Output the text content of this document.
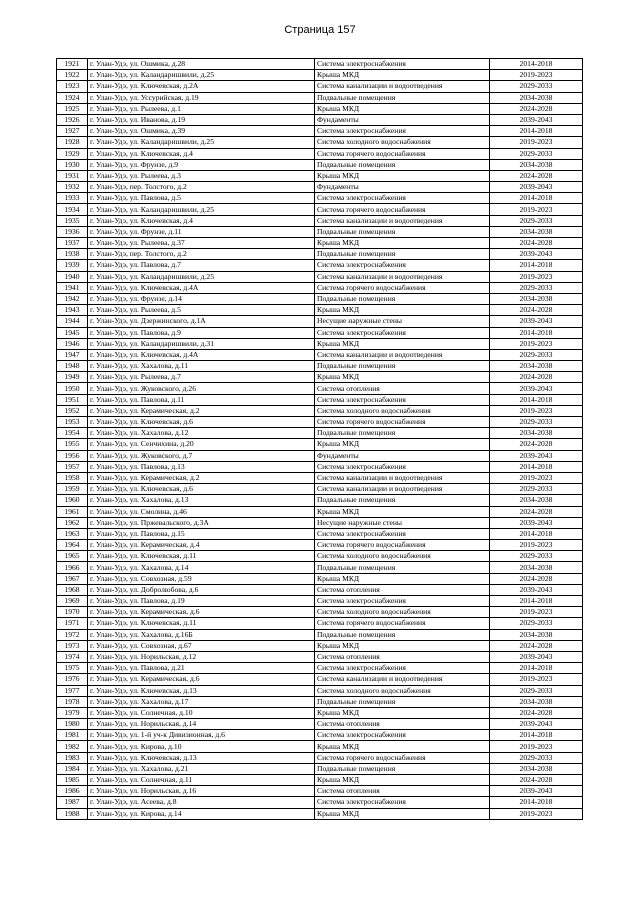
Страница 157
1921	г. Улан-Удэ, ул. Ошмика, д.28	Система электроснабжения	2014-2018
1922	г. Улан-Удэ, ул. Каландаришвили, д.25	Крыша МКД	2019-2023
1923	г. Улан-Удэ, ул. Ключевская, д.2А	Система канализации и водоотведения	2029-2033
1924	г. Улан-Удэ, ул. Уссурийская, д.19	Подвальные помещения	2034-2038
1925	г. Улан-Удэ, ул. Рылеева, д.1	Крыша МКД	2024-2028
1926	г. Улан-Удэ, ул. Иванова, д.19	Фундаменты	2039-2043
1927	г. Улан-Удэ, ул. Ошмика, д.39	Система электроснабжения	2014-2018
1928	г. Улан-Удэ, ул. Каландаришвили, д.25	Система холодного водоснабжения	2019-2023
1929	г. Улан-Удэ, ул. Ключевская, д.4	Система горячего водоснабжения	2029-2033
1930	г. Улан-Удэ, ул. Фрунзе, д.9	Подвальные помещения	2034-2038
1931	г. Улан-Удэ, ул. Рылеева, д.3	Крыша МКД	2024-2028
1932	г. Улан-Удэ, пер. Толстого, д.2	Фундаменты	2039-2043
1933	г. Улан-Удэ, ул. Павлова, д.5	Система электроснабжения	2014-2018
1934	г. Улан-Удэ, ул. Каландаришвили, д.25	Система горячего водоснабжения	2019-2023
1935	г. Улан-Удэ, ул. Ключевская, д.4	Система канализации и водоотведения	2029-2033
1936	г. Улан-Удэ, ул. Фрунзе, д.11	Подвальные помещения	2034-2038
1937	г. Улан-Удэ, ул. Рылеева, д.37	Крыша МКД	2024-2028
1938	г. Улан-Удэ, пер. Толстого, д.2	Подвальные помещения	2039-2043
1939	г. Улан-Удэ, ул. Павлова, д.7	Система электроснабжения	2014-2018
1940	г. Улан-Удэ, ул. Каландаришвили, д.25	Система канализации и водоотведения	2019-2023
1941	г. Улан-Удэ, ул. Ключевская, д.4А	Система горячего водоснабжения	2029-2033
1942	г. Улан-Удэ, ул. Фрунзе, д.14	Подвальные помещения	2034-2038
1943	г. Улан-Удэ, ул. Рылеева, д.5	Крыша МКД	2024-2028
1944	г. Улан-Удэ, ул. Дзержинского, д.1А	Несущие наружные стены	2039-2043
1945	г. Улан-Удэ, ул. Павлова, д.9	Система электроснабжения	2014-2018
1946	г. Улан-Удэ, ул. Каландаришвили, д.31	Крыша МКД	2019-2023
1947	г. Улан-Удэ, ул. Ключевская, д.4А	Система канализации и водоотведения	2029-2033
1948	г. Улан-Удэ, ул. Хахалова, д.11	Подвальные помещения	2034-2038
1949	г. Улан-Удэ, ул. Рылеева, д.7	Крыша МКД	2024-2028
1950	г. Улан-Удэ, ул. Жуковского, д.26	Система отопления	2039-2043
1951	г. Улан-Удэ, ул. Павлова, д.11	Система электроснабжения	2014-2018
1952	г. Улан-Удэ, ул. Керамическая, д.2	Система холодного водоснабжения	2019-2023
1953	г. Улан-Удэ, ул. Ключевская, д.6	Система горячего водоснабжения	2029-2033
1954	г. Улан-Удэ, ул. Хахалова, д.12	Подвальные помещения	2034-2038
1955	г. Улан-Удэ, ул. Сенчихина, д.20	Крыша МКД	2024-2028
1956	г. Улан-Удэ, ул. Жуковского, д.7	Фундаменты	2039-2043
1957	г. Улан-Удэ, ул. Павлова, д.13	Система электроснабжения	2014-2018
1958	г. Улан-Удэ, ул. Керамическая, д.2	Система канализации и водоотведения	2019-2023
1959	г. Улан-Удэ, ул. Ключевская, д.6	Система канализации и водоотведения	2029-2033
1960	г. Улан-Удэ, ул. Хахалова, д.13	Подвальные помещения	2034-2038
1961	г. Улан-Удэ, ул. Смолина, д.46	Крыша МКД	2024-2028
1962	г. Улан-Удэ, ул. Пржевальского, д.3А	Несущие наружные стены	2039-2043
1963	г. Улан-Удэ, ул. Павлова, д.15	Система электроснабжения	2014-2018
1964	г. Улан-Удэ, ул. Керамическая, д.4	Система горячего водоснабжения	2019-2023
1965	г. Улан-Удэ, ул. Ключевская, д.11	Система холодного водоснабжения	2029-2033
1966	г. Улан-Удэ, ул. Хахалова, д.14	Подвальные помещения	2034-2038
1967	г. Улан-Удэ, ул. Совхозная, д.59	Крыша МКД	2024-2028
1968	г. Улан-Удэ, ул. Добролюбова, д.6	Система отопления	2039-2043
1969	г. Улан-Удэ, ул. Павлова, д.19	Система электроснабжения	2014-2018
1970	г. Улан-Удэ, ул. Керамическая, д.6	Система холодного водоснабжения	2019-2023
1971	г. Улан-Удэ, ул. Ключевская, д.11	Система горячего водоснабжения	2029-2033
1972	г. Улан-Удэ, ул. Хахалова, д.16Б	Подвальные помещения	2034-2038
1973	г. Улан-Удэ, ул. Совхозная, д.67	Крыша МКД	2024-2028
1974	г. Улан-Удэ, ул. Норильская, д.12	Система отопления	2039-2043
1975	г. Улан-Удэ, ул. Павлова, д.21	Система электроснабжения	2014-2018
1976	г. Улан-Удэ, ул. Керамическая, д.6	Система канализации и водоотведения	2019-2023
1977	г. Улан-Удэ, ул. Ключевская, д.13	Система холодного водоснабжения	2029-2033
1978	г. Улан-Удэ, ул. Хахалова, д.17	Подвальные помещения	2034-2038
1979	г. Улан-Удэ, ул. Солнечная, д.10	Крыша МКД	2024-2028
1980	г. Улан-Удэ, ул. Норильская, д.14	Система отопления	2039-2043
1981	г. Улан-Удэ, ул. 1-й уч-к Дивизионная, д.6	Система электроснабжения	2014-2018
1982	г. Улан-Удэ, ул. Кирова, д.10	Крыша МКД	2019-2023
1983	г. Улан-Удэ, ул. Ключевская, д.13	Система горячего водоснабжения	2029-2033
1984	г. Улан-Удэ, ул. Хахалова, д.21	Подвальные помещения	2034-2038
1985	г. Улан-Удэ, ул. Солнечная, д.11	Крыша МКД	2024-2028
1986	г. Улан-Удэ, ул. Норильская, д.16	Система отопления	2039-2043
1987	г. Улан-Удэ, ул. Асеева, д.8	Система электроснабжения	2014-2018
1988	г. Улан-Удэ, ул. Кирова, д.14	Крыша МКД	2019-2023
